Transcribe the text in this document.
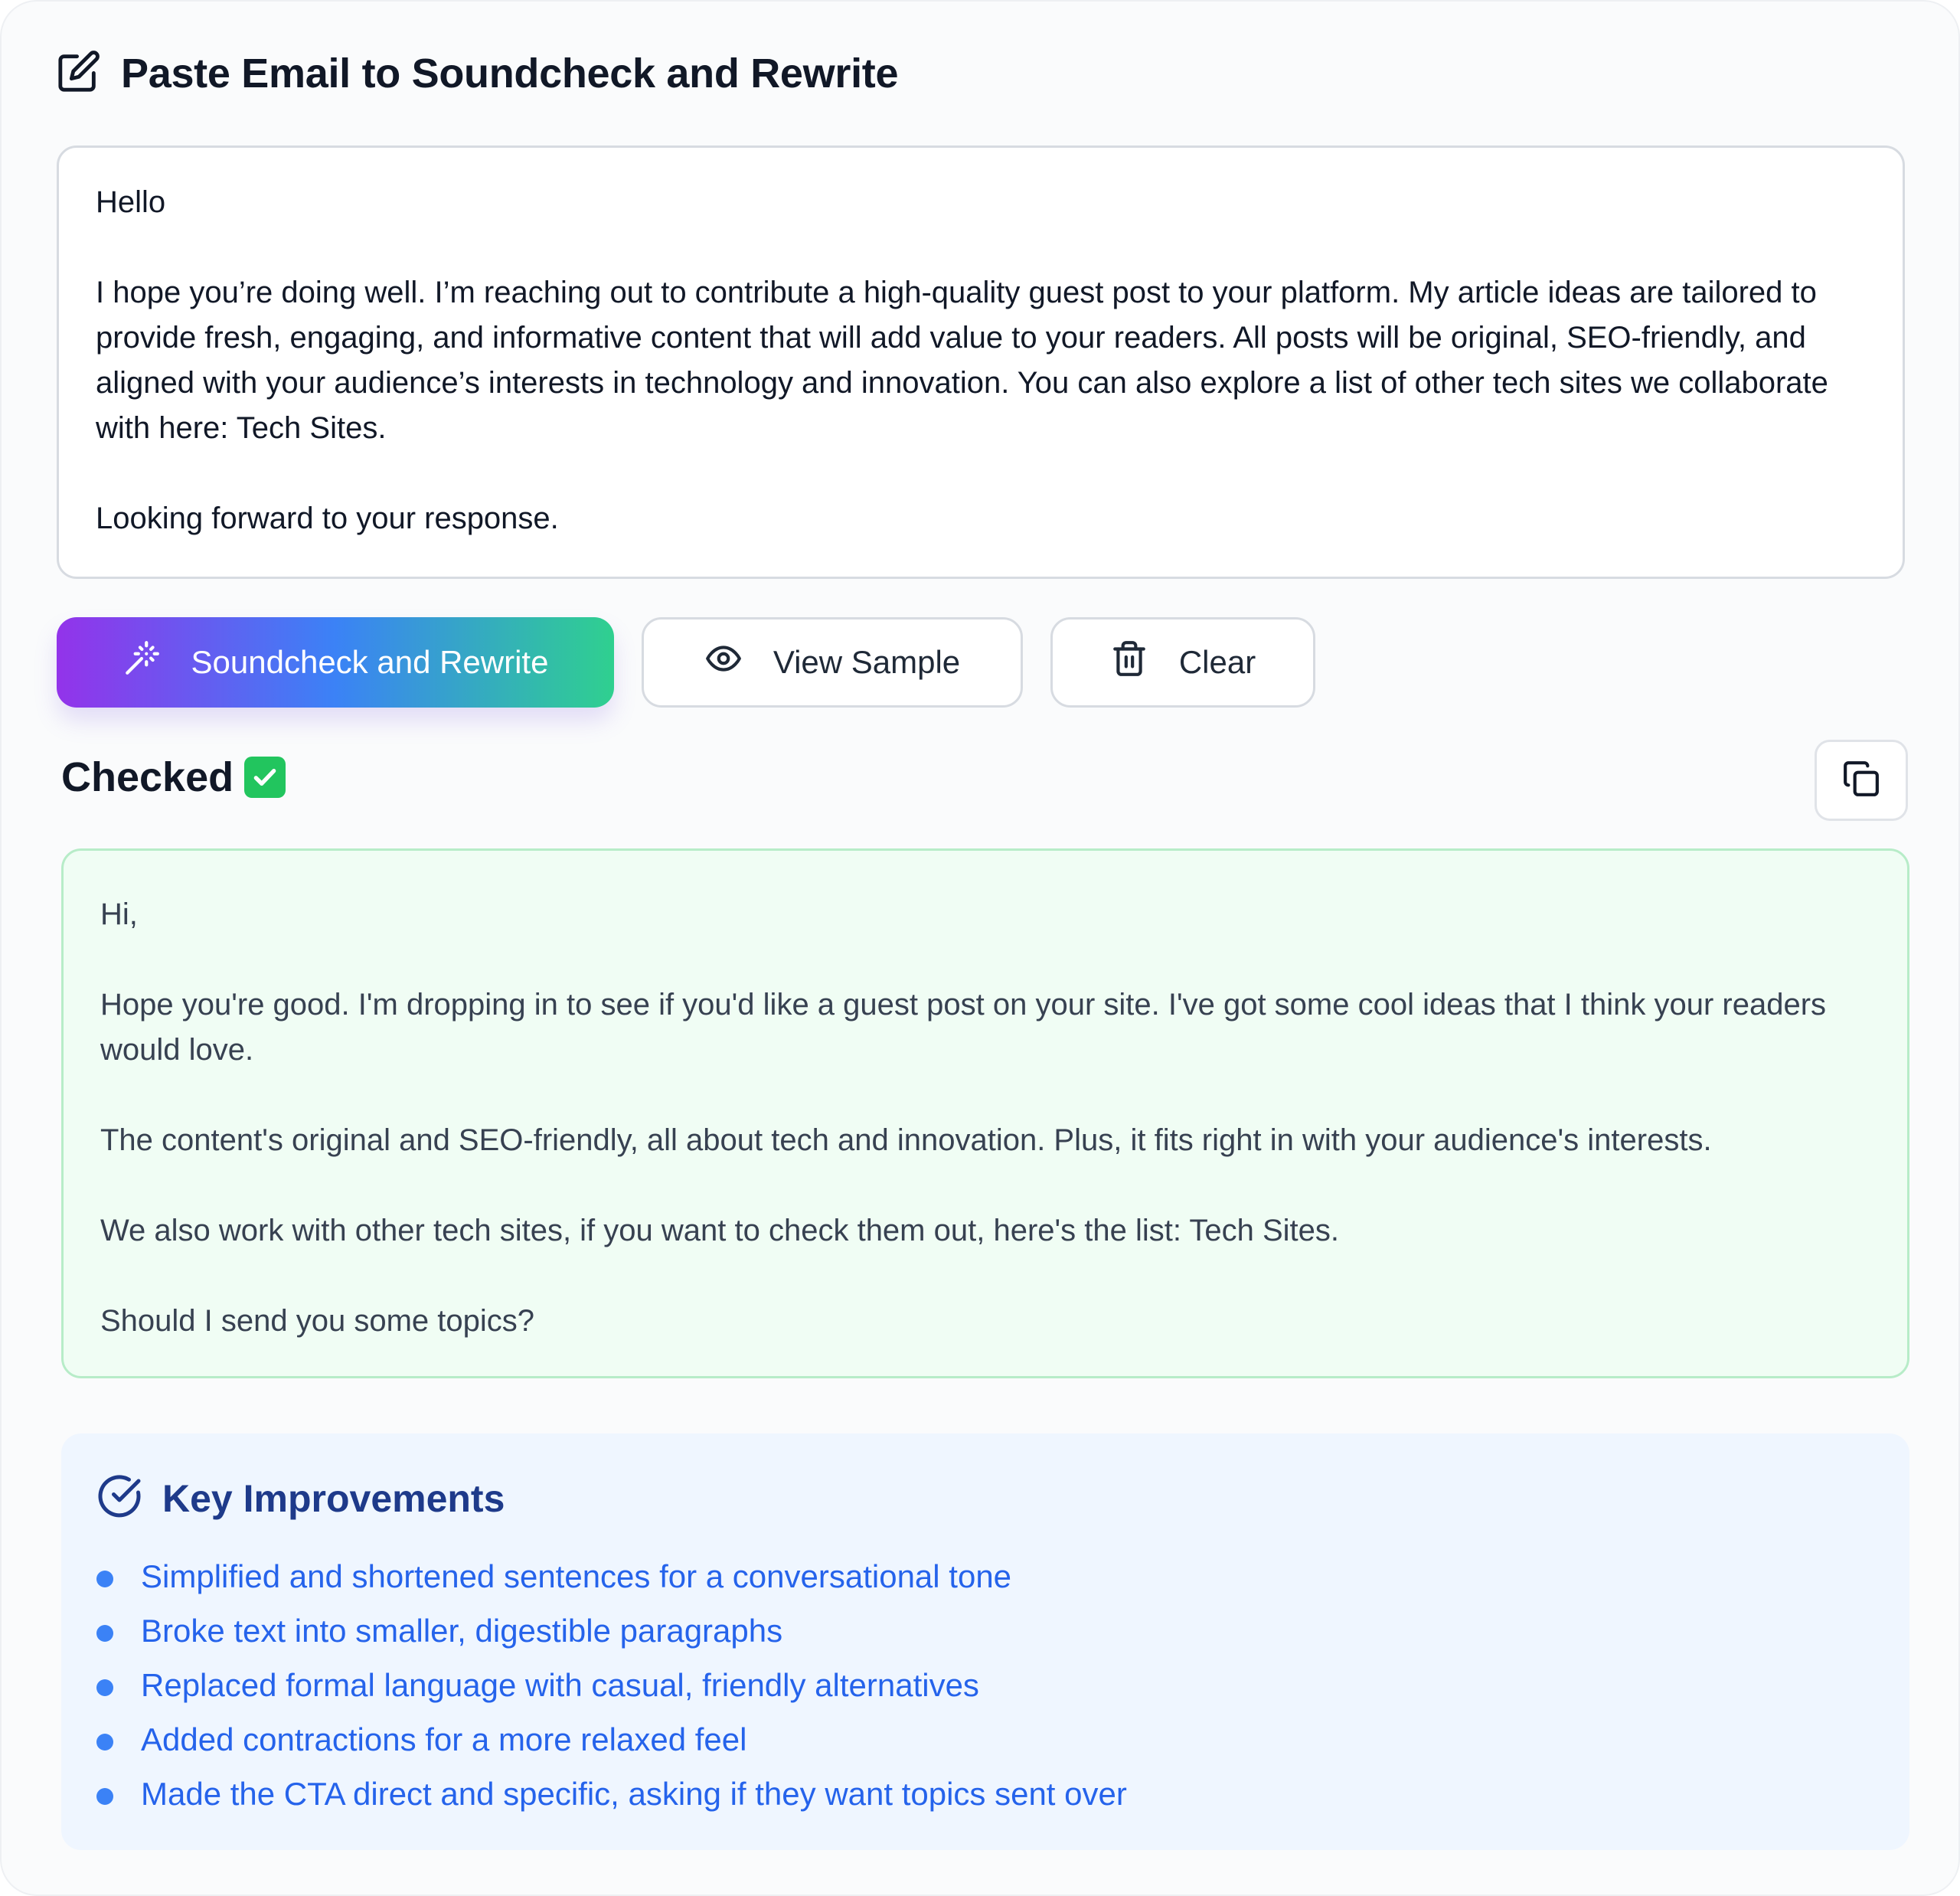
Paste Email to Soundcheck and Rewrite

Hello

I hope you’re doing well. I’m reaching out to contribute a high-quality guest post to your platform. My article ideas are tailored to provide fresh, engaging, and informative content that will add value to your readers. All posts will be original, SEO-friendly, and aligned with your audience’s interests in technology and innovation. You can also explore a list of other tech sites we collaborate with here: Tech Sites.

Looking forward to your response.

Soundcheck and Rewrite	View Sample	Clear
Checked

Hi,

Hope you're good. I'm dropping in to see if you'd like a guest post on your site. I've got some cool ideas that I think your readers would love.

The content's original and SEO-friendly, all about tech and innovation. Plus, it fits right in with your audience's interests.

We also work with other tech sites, if you want to check them out, here's the list: Tech Sites.

Should I send you some topics?

Key Improvements
Simplified and shortened sentences for a conversational tone
Broke text into smaller, digestible paragraphs
Replaced formal language with casual, friendly alternatives
Added contractions for a more relaxed feel
Made the CTA direct and specific, asking if they want topics sent over
